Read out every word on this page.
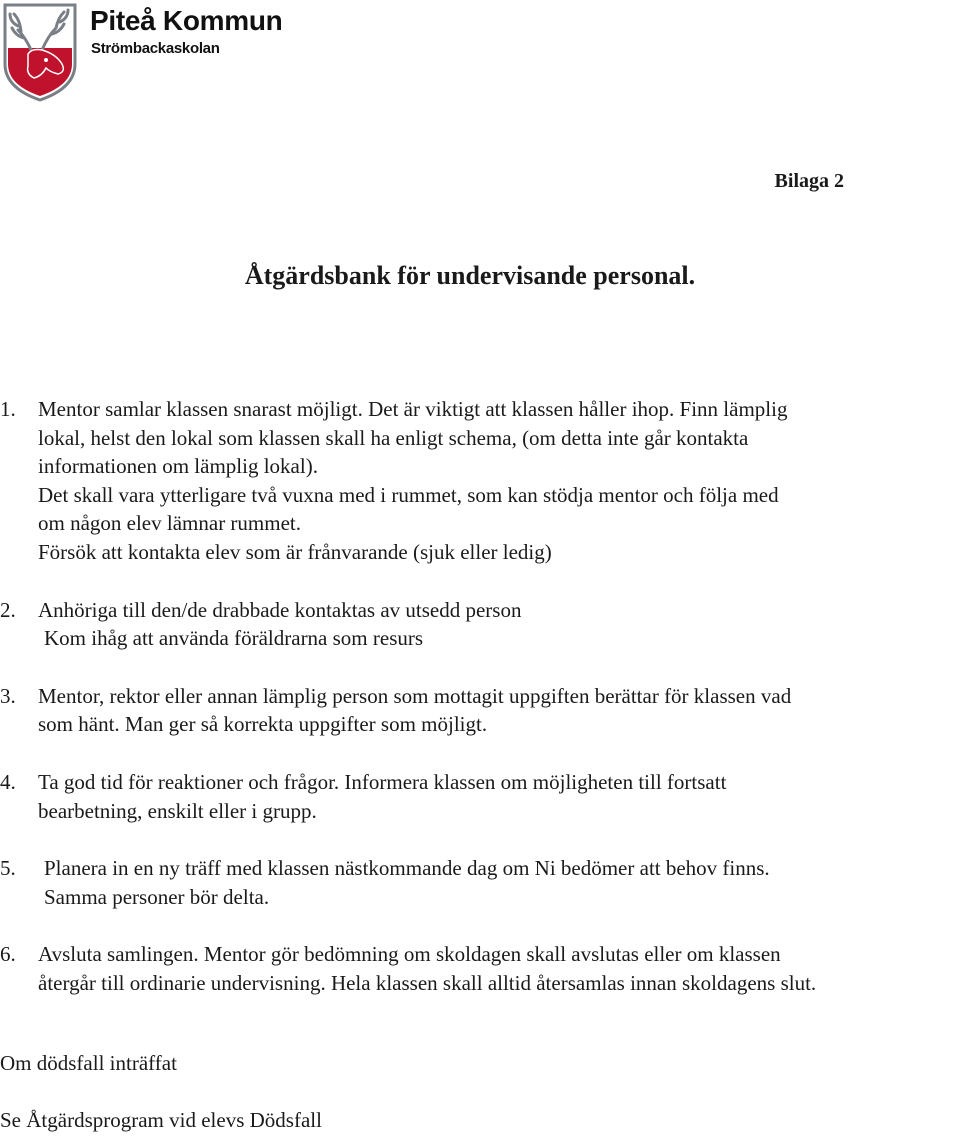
Piteå Kommun
Strömbackaskolan
Bilaga 2
Åtgärdsbank för undervisande personal.
1. Mentor samlar klassen snarast möjligt. Det är viktigt att klassen håller ihop. Finn lämplig
lokal, helst den lokal som klassen skall ha enligt schema, (om detta inte går kontakta
informationen om lämplig lokal).
Det skall vara ytterligare två vuxna med i rummet, som kan stödja mentor och följa med
om någon elev lämnar rummet.
Försök att kontakta elev som är frånvarande (sjuk eller ledig)
2. Anhöriga till den/de drabbade kontaktas av utsedd person
Kom ihåg att använda föräldrarna som resurs
3. Mentor, rektor eller annan lämplig person som mottagit uppgiften berättar för klassen vad
som hänt. Man ger så korrekta uppgifter som möjligt.
4. Ta god tid för reaktioner och frågor. Informera klassen om möjligheten till fortsatt
bearbetning, enskilt eller i grupp.
5. Planera in en ny träff med klassen nästkommande dag om Ni bedömer att behov finns.
Samma personer bör delta.
6. Avsluta samlingen. Mentor gör bedömning om skoldagen skall avslutas eller om klassen
återgår till ordinarie undervisning. Hela klassen skall alltid återsamlas innan skoldagens slut.
Om dödsfall inträffat
Se Åtgärdsprogram vid elevs Dödsfall
